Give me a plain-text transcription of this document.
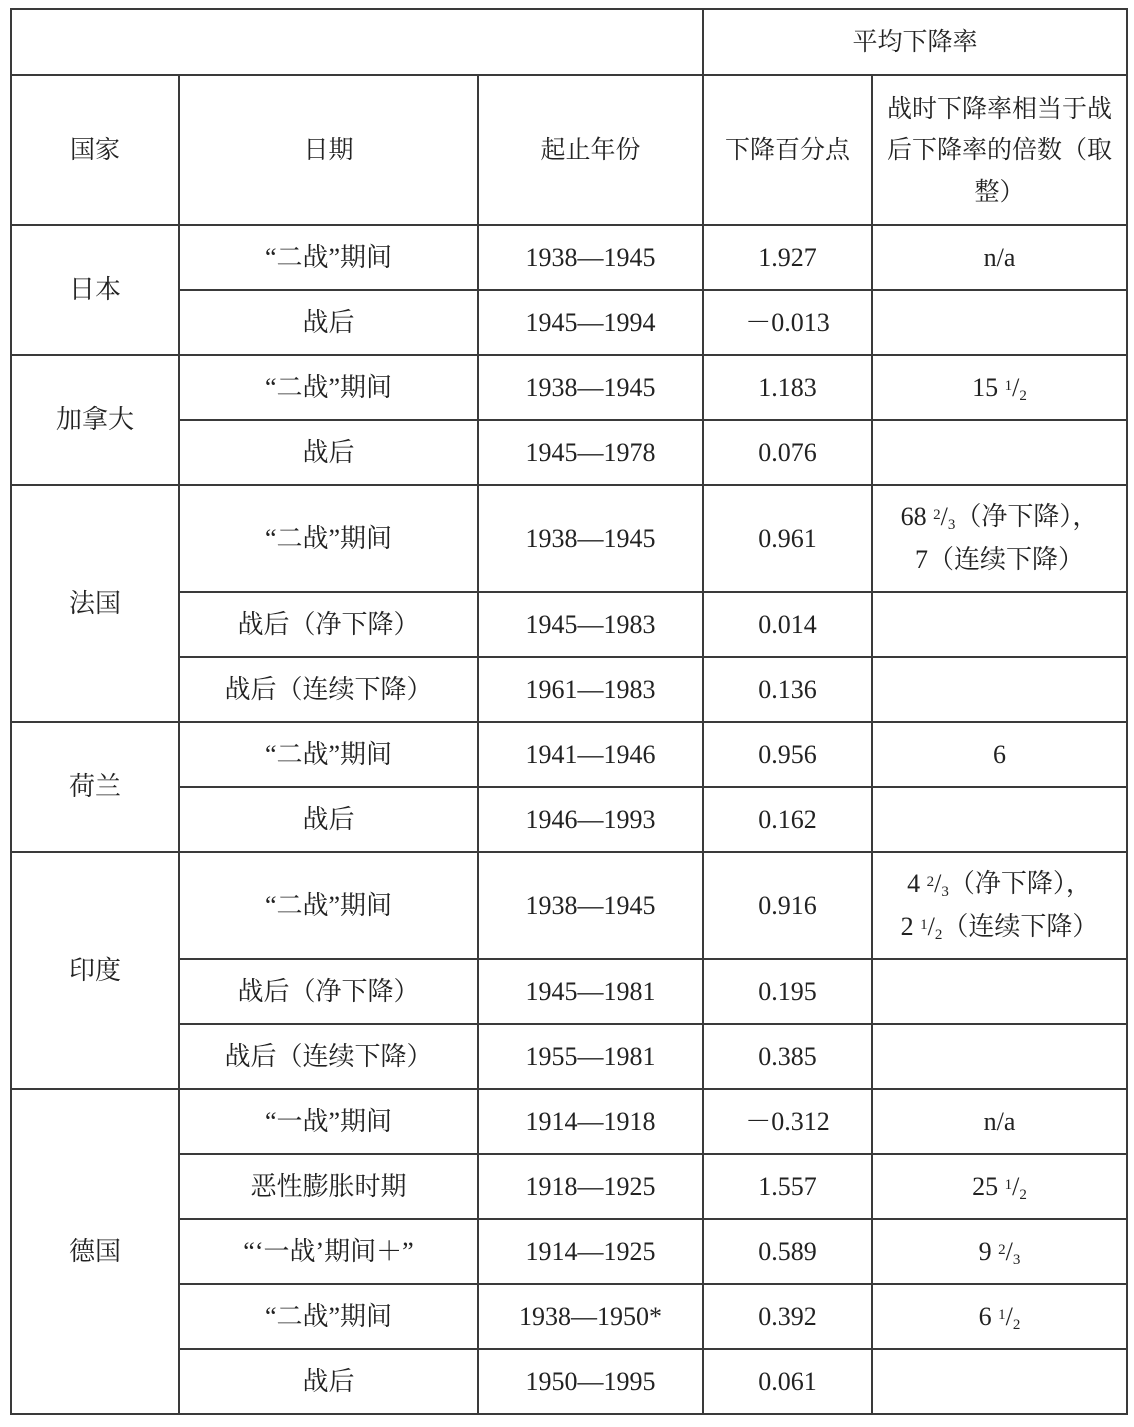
			平均下降率	
国家	日期	起止年份	下降百分点	战时下降率相当于战后下降率的倍数（取整）
日本	“二战”期间	1938—1945	1.927	n/a
	战后	1945—1994	－0.013	
加拿大	“二战”期间	1938—1945	1.183	15 $^1/_2$
	战后	1945—1978	0.076	
法国	“二战”期间	1938—1945	0.961	68 $^2/_3$（净下降），
7（连续下降）

	战后（净下降）	1945—1983	0.014	
	战后（连续下降）	1961—1983	0.136	
荷兰	“二战”期间	1941—1946	0.956	6
	战后	1946—1993	0.162	
印度	“二战”期间	1938—1945	0.916	4 $^2/_3$（净下降），
2 $^1/_2$（连续下降）

	战后（净下降）	1945—1981	0.195	
	战后（连续下降）	1955—1981	0.385	
德国	“一战”期间	1914—1918	－0.312	n/a
	恶性膨胀时期	1918—1925	1.557	25 $^1/_2$
	“‘一战’期间＋”	1914—1925	0.589	9 $^2/_3$
	“二战”期间	1938—1950*	0.392	6 $^1/_2$
	战后	1950—1995	0.061	
